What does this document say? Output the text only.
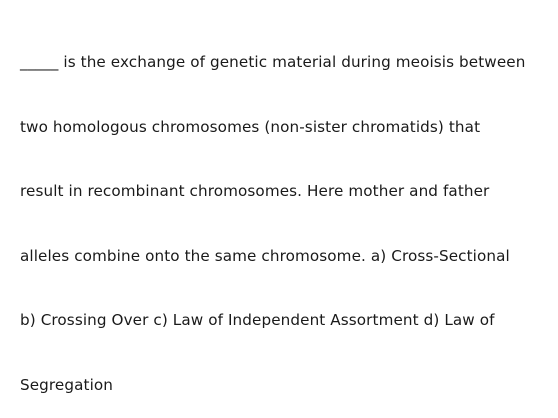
_____ is the exchange of genetic material during meoisis between

two homologous chromosomes (non-sister chromatids) that

result in recombinant chromosomes. Here mother and father

alleles combine onto the same chromosome. a) Cross-Sectional

b) Crossing Over c) Law of Independent Assortment d) Law of

Segregation
